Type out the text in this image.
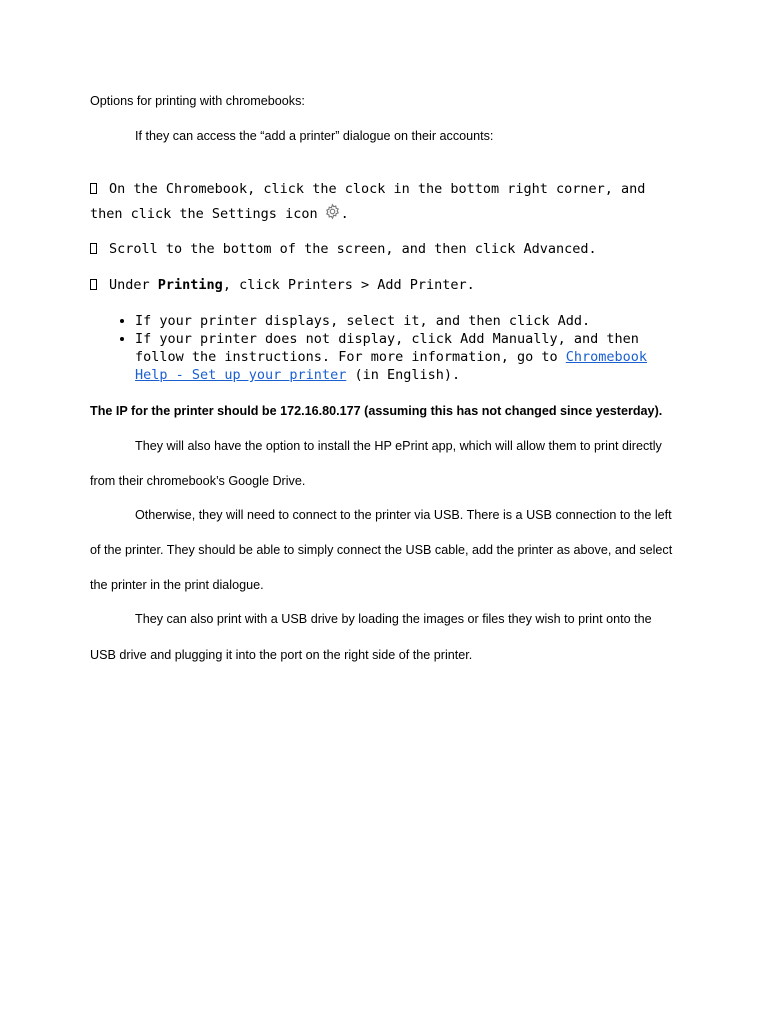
Options for printing with chromebooks:
If they can access the “add a printer” dialogue on their accounts:
On the Chromebook, click the clock in the bottom right corner, and
then click the Settings icon .
Scroll to the bottom of the screen, and then click Advanced.
Under Printing, click Printers > Add Printer.
• If your printer displays, select it, and then click Add.
• If your printer does not display, click Add Manually, and then
follow the instructions. For more information, go to Chromebook
Help - Set up your printer (in English).
The IP for the printer should be 172.16.80.177 (assuming this has not changed since yesterday).
They will also have the option to install the HP ePrint app, which will allow them to print directly
from their chromebook’s Google Drive.
Otherwise, they will need to connect to the printer via USB. There is a USB connection to the left
of the printer. They should be able to simply connect the USB cable, add the printer as above, and select
the printer in the print dialogue.
They can also print with a USB drive by loading the images or files they wish to print onto the
USB drive and plugging it into the port on the right side of the printer.
